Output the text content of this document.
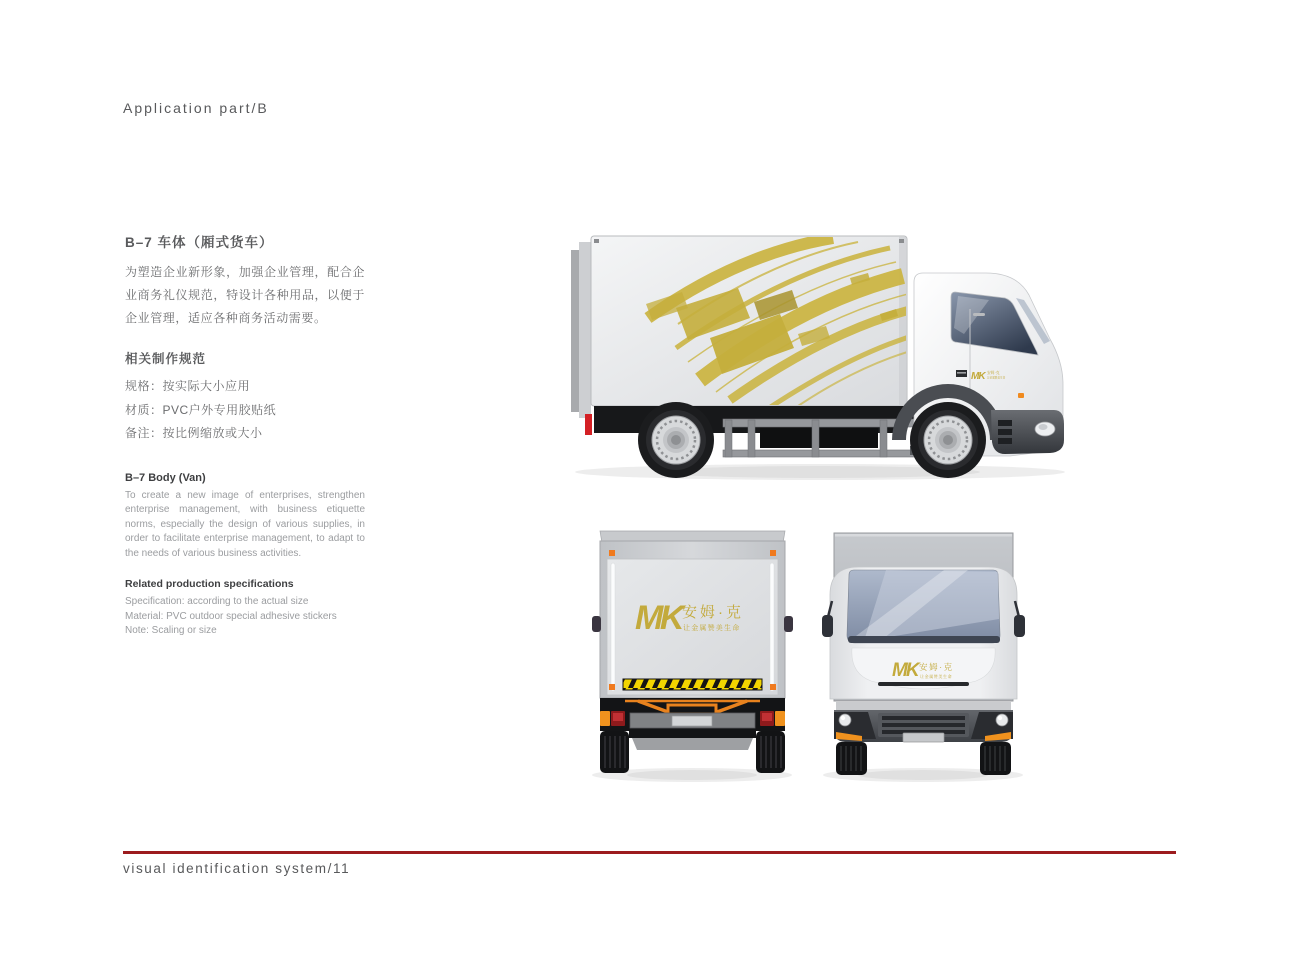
Application part/B

B–7 车体（厢式货车）

为塑造企业新形象，加强企业管理，配合企业商务礼仪规范，特设计各种用品，以便于企业管理，适应各种商务活动需要。

相关制作规范

规格：按实际大小应用
材质：PVC户外专用胶贴纸
备注：按比例缩放或大小

B–7 Body (Van)

To create a new image of enterprises, strengthen enterprise management, with business etiquette norms, especially the design of various supplies, in order to facilitate enterprise management, to adapt to the needs of various business activities.

Related production specifications

Specification: according to the actual size
Material: PVC outdoor special adhesive stickers
Note: Scaling or size
MK 安姆·克
让金属赞美生命
MK 安姆·克
让金属赞美生命
MK 安姆·克
让金属赞美生命
visual identification system/11
